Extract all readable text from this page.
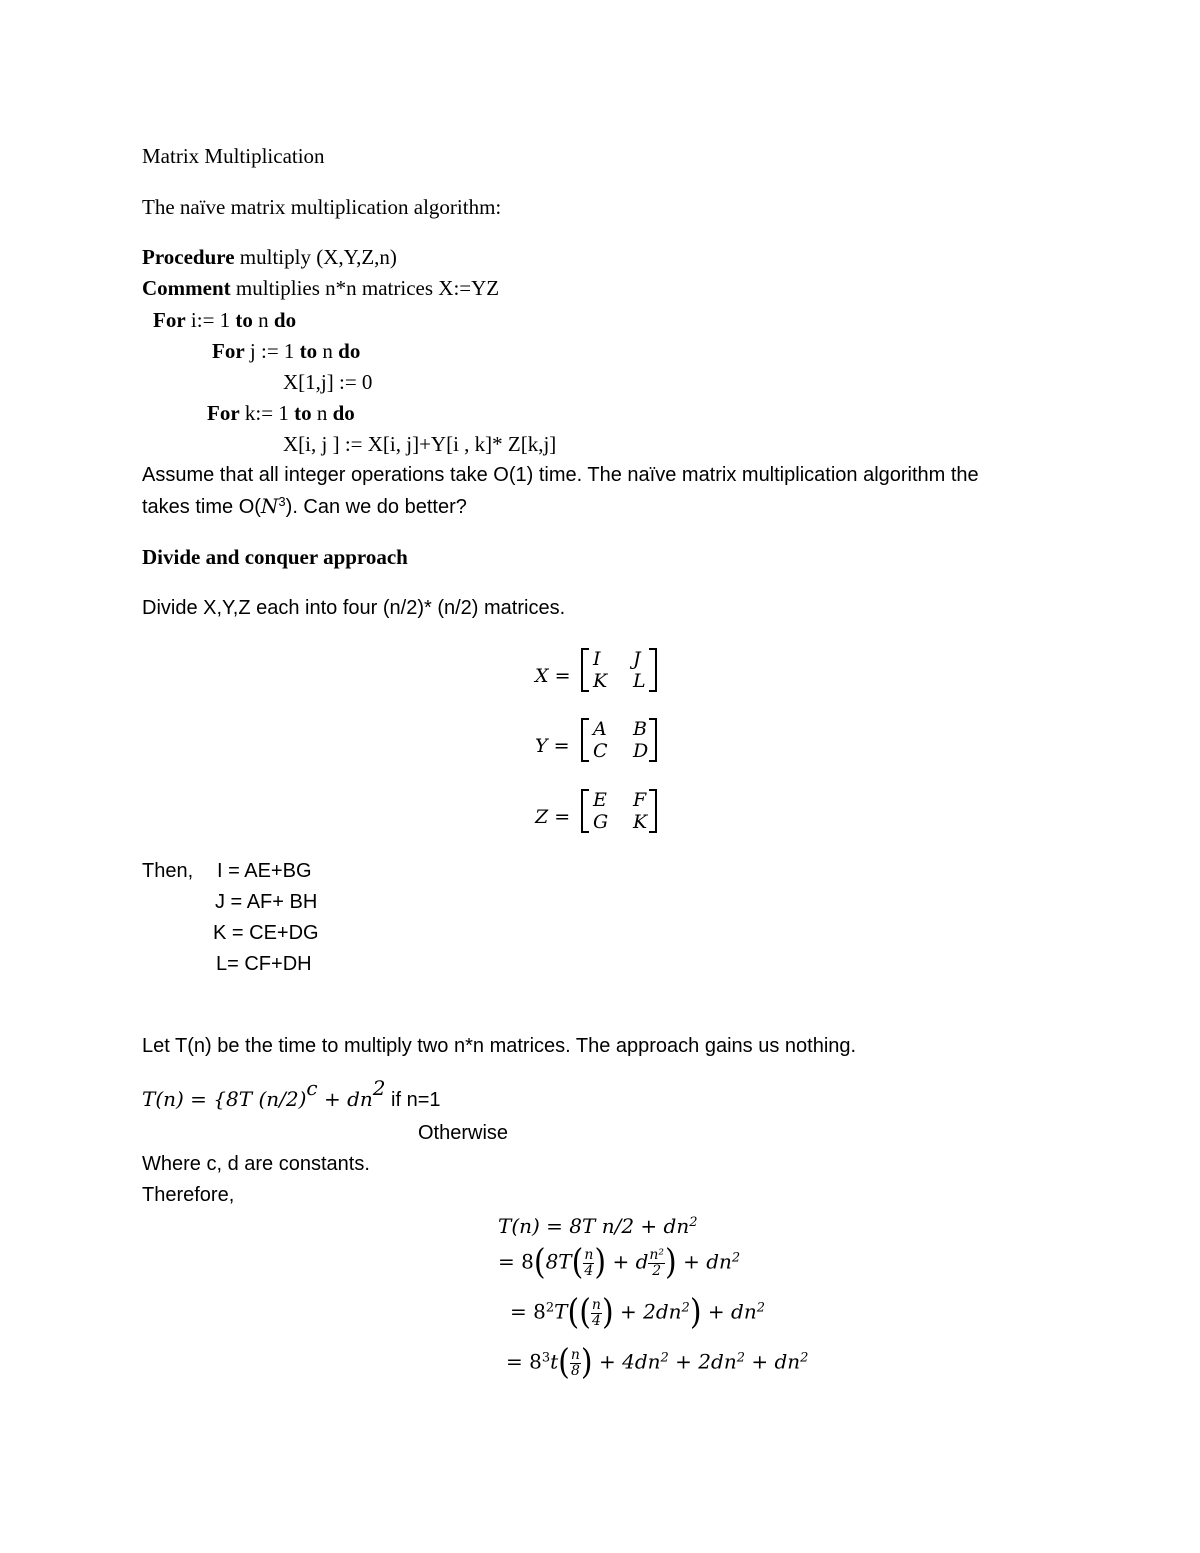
Matrix Multiplication
The naïve matrix multiplication algorithm:
Procedure multiply (X,Y,Z,n)
Comment multiplies n*n matrices X:=YZ
For i:= 1 to n do
For j := 1 to n do
X[1,j] := 0
For k:= 1 to n do
X[i, j ] := X[i, j]+Y[i , k]* Z[k,j]
Assume that all integer operations take O(1) time. The naïve matrix multiplication algorithm the
takes time $O(N^3)$. Can we do better?
Divide and conquer approach
Divide X,Y,Z each into four (n/2)* (n/2) matrices.
X =
I J
K L
Y =
A B
C D
Z =
E F
G K
Then, I = AE+BG
J = AF+ BH
K = CE+DG
L= CF+DH
Let T(n) be the time to multiply two n*n matrices. The approach gains us nothing.
T(n) = {8T $(n/2)^c + dn^2$ if n=1
Otherwise
Where c, d are constants.
Therefore,
T(n) = 8T $n/2 + dn^2$
= $8(8T( \frac{n}{4}$ ) + d $\frac{\text{n²}}{2}$ ) + $dn^2$
= $8^2T(( \frac{n}{4}$ ) + $2dn^2) + dn^2$
= $8^3t( \frac{n}{8}$ ) + $4dn^2 + 2dn^2 + dn^2$
